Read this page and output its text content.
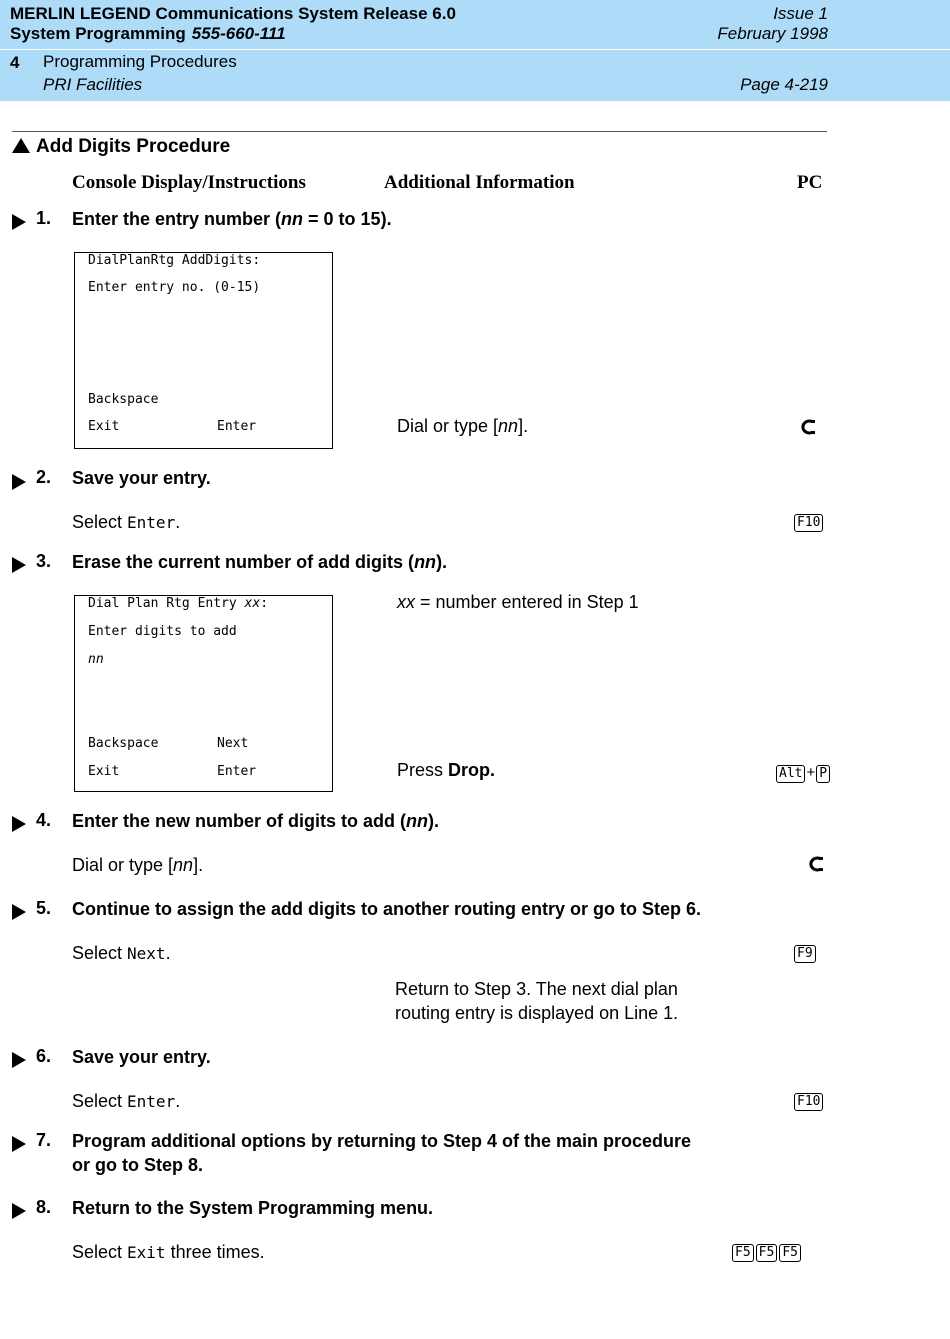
MERLIN LEGEND Communications System Release 6.0
System Programming 555-660-111
Issue 1
February 1998
4 Programming Procedures
PRI Facilities	Page 4-219
Add Digits Procedure
Console Display/Instructions	Additional Information	PC
1. Enter the entry number (nn = 0 to 15).
DialPlanRtg AddDigits:
Enter entry no. (0-15)
Backspace
Exit	Enter	Dial or type [nn].
2. Save your entry.
Select Enter.	F10
3. Erase the current number of add digits (nn).
Dial Plan Rtg Entry xx:
Enter digits to add
nn
Backspace	Next
Exit	Enter
xx = number entered in Step 1
Press Drop.	Alt + P
4. Enter the new number of digits to add (nn).
Dial or type [nn].
5. Continue to assign the add digits to another routing entry or go to Step 6.
Select Next.	F9
Return to Step 3. The next dial plan
routing entry is displayed on Line 1.
6. Save your entry.
Select Enter.	F10
7. Program additional options by returning to Step 4 of the main procedure
or go to Step 8.
8. Return to the System Programming menu.
Select Exit three times.	F5 F5 F5
